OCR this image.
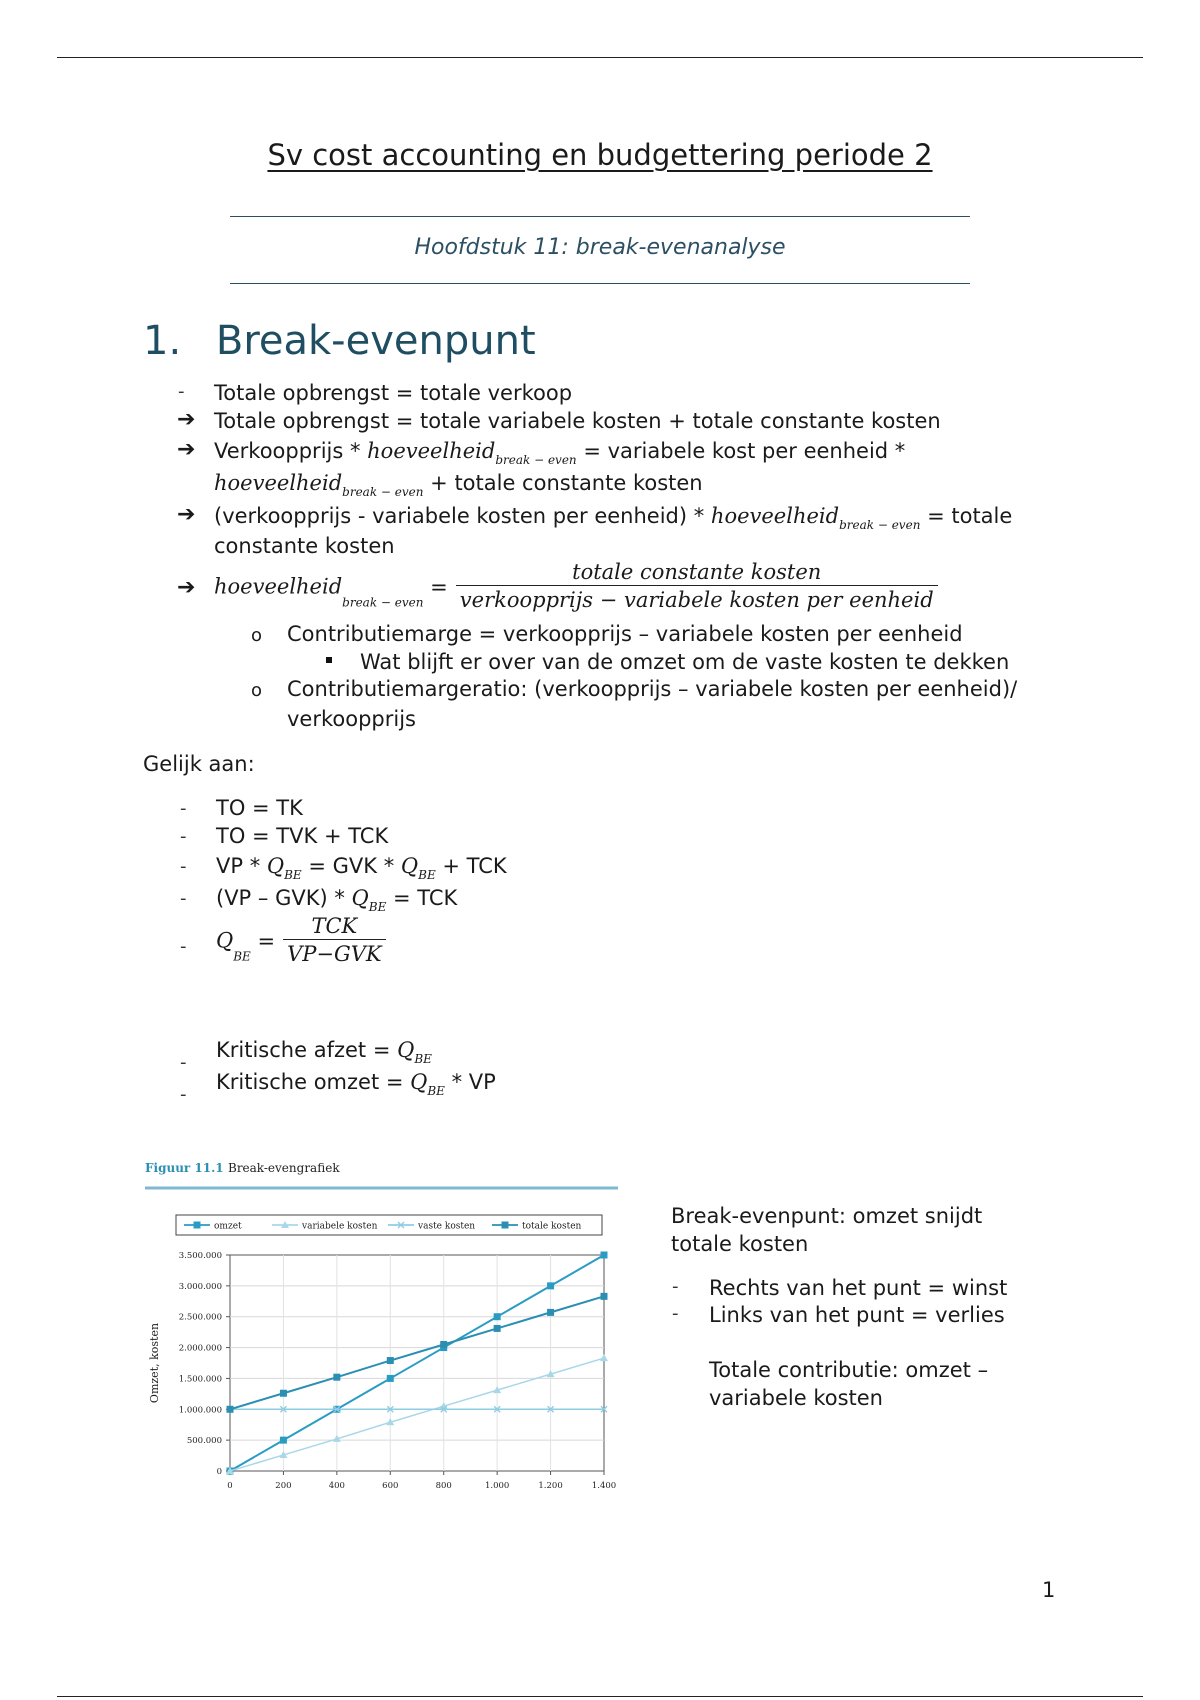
Sv cost accounting en budgettering periode 2
Hoofdstuk 11: break-evenanalyse
1. Break-evenpunt
- Totale opbrengst = totale verkoop
➔ Totale opbrengst = totale variabele kosten + totale constante kosten
➔ Verkoopprijs * hoeveelheid$_{break - even}$ = variabele kost per eenheid *
hoeveelheid$_{break - even}$ + totale constante kosten
➔ (verkoopprijs - variabele kosten per eenheid) * hoeveelheid$_{break - even}$ = totale
constante kosten
➔ hoeveelheid$_{break - even}$ = $\frac{\text{totale constante kosten}}{\text{verkoopprijs − variabele kosten per eenheid}}$
o Contributiemarge = verkoopprijs – variabele kosten per eenheid
Wat blijft er over van de omzet om de vaste kosten te dekken
o Contributiemargeratio: (verkoopprijs – variabele kosten per eenheid)/
verkoopprijs
Gelijk aan:
- TO = TK
- TO = TVK + TCK
- VP * $Q_{BE}$ = GVK * $Q_{BE}$ + TCK
- $(VP - GVK) * Q_{BE}$ = TCK
- $Q_{BE} = \frac{\text{TCK}}{\text{VP−GVK}}$
-
Kritische afzet = $Q_{BE}$
-
Kritische omzet = $Q_{BE}$ * VP
Figuur 11.1 Break-evengrafiek
omzet	variabele kosten	vaste kosten	totale kosten
0
500.000
1.000.000
1.500.000
2.000.000
2.500.000
3.000.000
3.500.000
0	200	400	600	800	1.000	1.200	1.400
Omzet, kosten
Break-evenpunt: omzet snijdt
totale kosten
- Rechts van het punt = winst
- Links van het punt = verlies
Totale contributie: omzet –
variabele kosten
1
